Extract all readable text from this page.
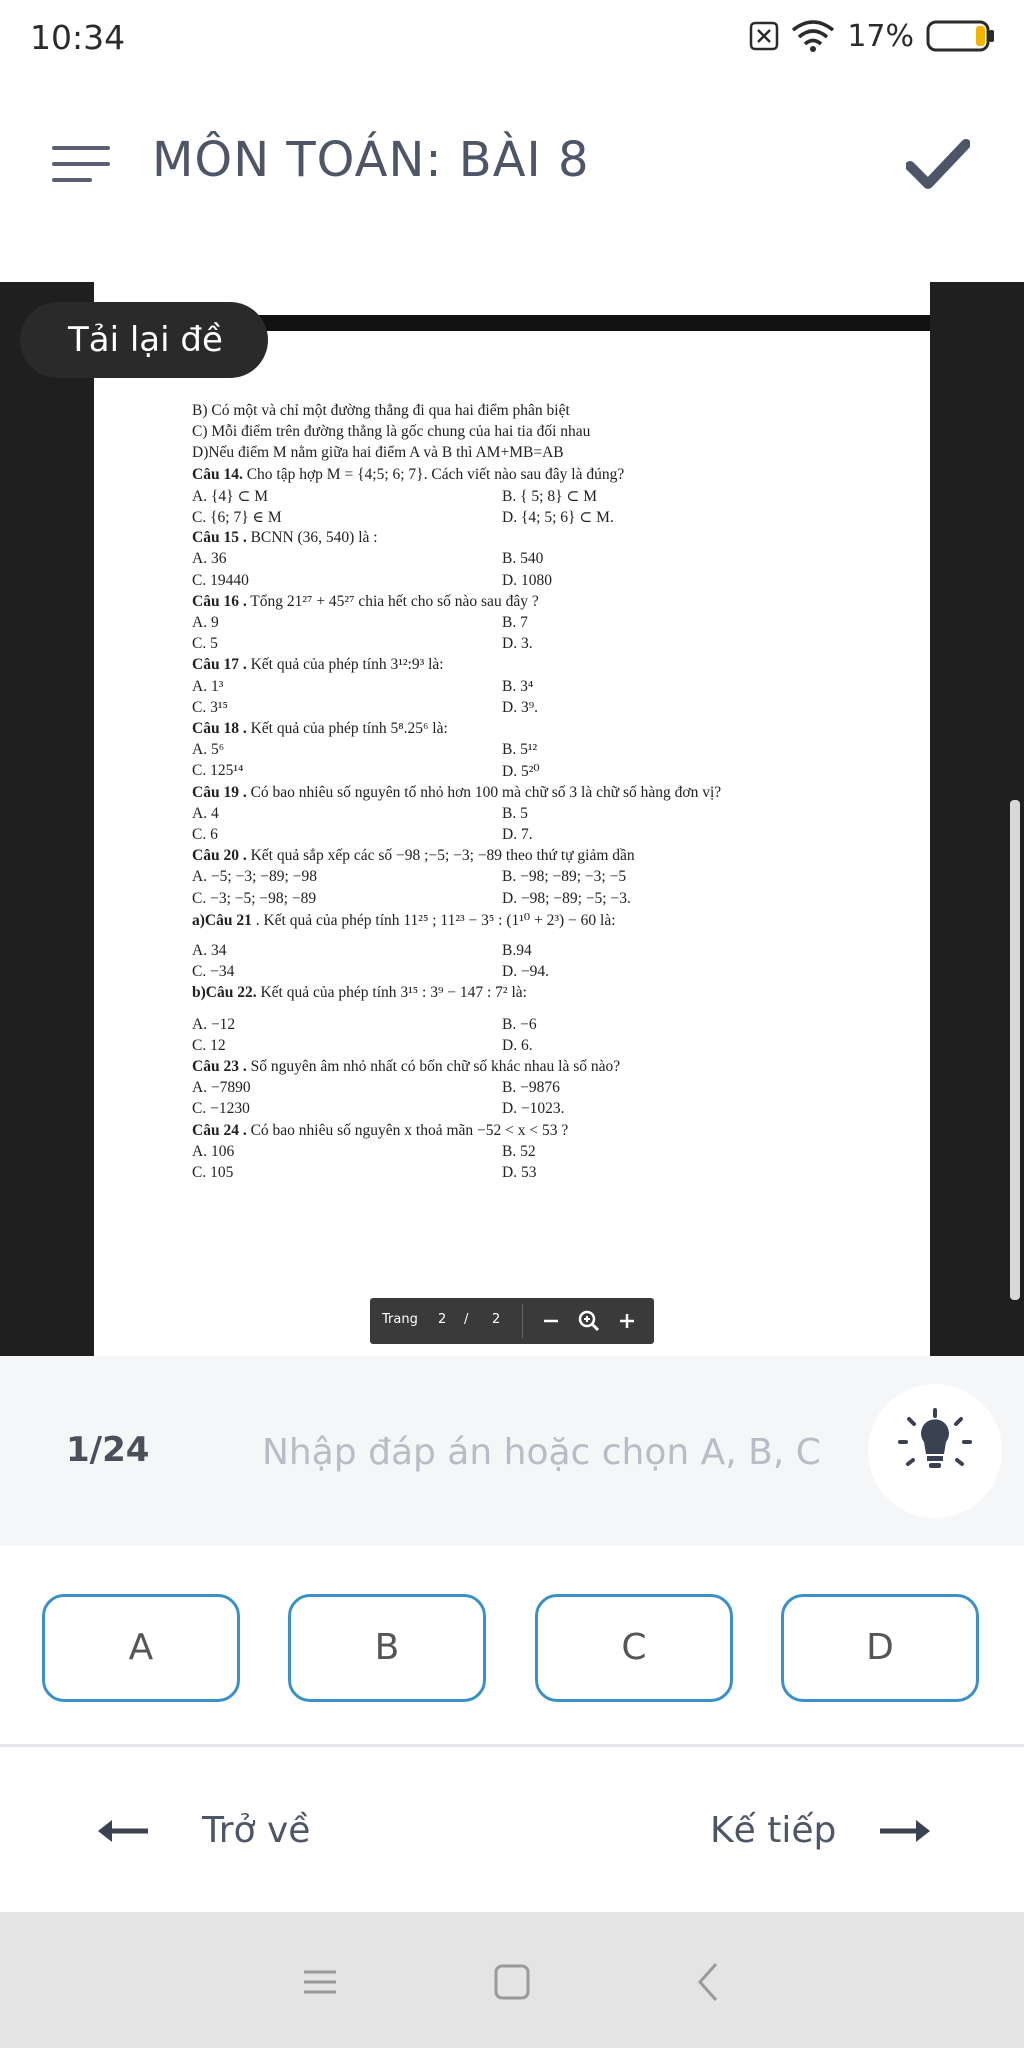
10:34	17%
MÔN TOÁN: BÀI 8
B) Có một và chỉ một đường thẳng đi qua hai điểm phân biệt
C) Mỗi điểm trên đường thẳng là gốc chung của hai tia đối nhau
D)Nếu điểm M nằm giữa hai điểm A và B thì AM+MB=AB
Câu 14. Cho tập hợp M = {4;5; 6; 7}. Cách viết nào sau đây là đúng?
A. {4} ⊂ M	B. { 5; 8} ⊂ M
C. {6; 7} ∈ M	D. {4; 5; 6} ⊂ M.
Câu 15 . BCNN (36, 540) là :
A. 36	B. 540
C. 19440	D. 1080
Câu 16 . Tổng 21²⁷ + 45²⁷ chia hết cho số nào sau đây ?
A. 9	B. 7
C. 5	D. 3.
Câu 17 . Kết quả của phép tính 3¹²:9³ là:
A. 1³	B. 3⁴
C. 3¹⁵	D. 3⁹.
Câu 18 . Kết quả của phép tính 5⁸.25⁶ là:
A. 5⁶	B. 5¹²
C. 125¹⁴	D. 5²⁰
Câu 19 . Có bao nhiêu số nguyên tố nhỏ hơn 100 mà chữ số 3 là chữ số hàng đơn vị?
A. 4	B. 5
C. 6	D. 7.
Câu 20 . Kết quả sắp xếp các số −98 ;−5; −3; −89 theo thứ tự giảm dần
A. −5; −3; −89; −98	B. −98; −89; −3; −5
C. −3; −5; −98; −89	D. −98; −89; −5; −3.
a)Câu 21 . Kết quả của phép tính 11²⁵ ; 11²³ − 3⁵ : (1¹⁰ + 2³) − 60 là:
A. 34	B.94
C. −34	D. −94.
b)Câu 22. Kết quả của phép tính 3¹⁵ : 3⁹ − 147 : 7² là:
A. −12	B. −6
C. 12	D. 6.
Câu 23 . Số nguyên âm nhỏ nhất có bốn chữ số khác nhau là số nào?
A. −7890	B. −9876
C. −1230	D. −1023.
Câu 24 . Có bao nhiêu số nguyên x thoả mãn −52 < x < 53 ?
A. 106	B. 52
C. 105	D. 53
Tải lại đề
Trang 2 / 2
1/24
Nhập đáp án hoặc chọn A, B, C
A	B	C	D
Trở về	Kế tiếp
